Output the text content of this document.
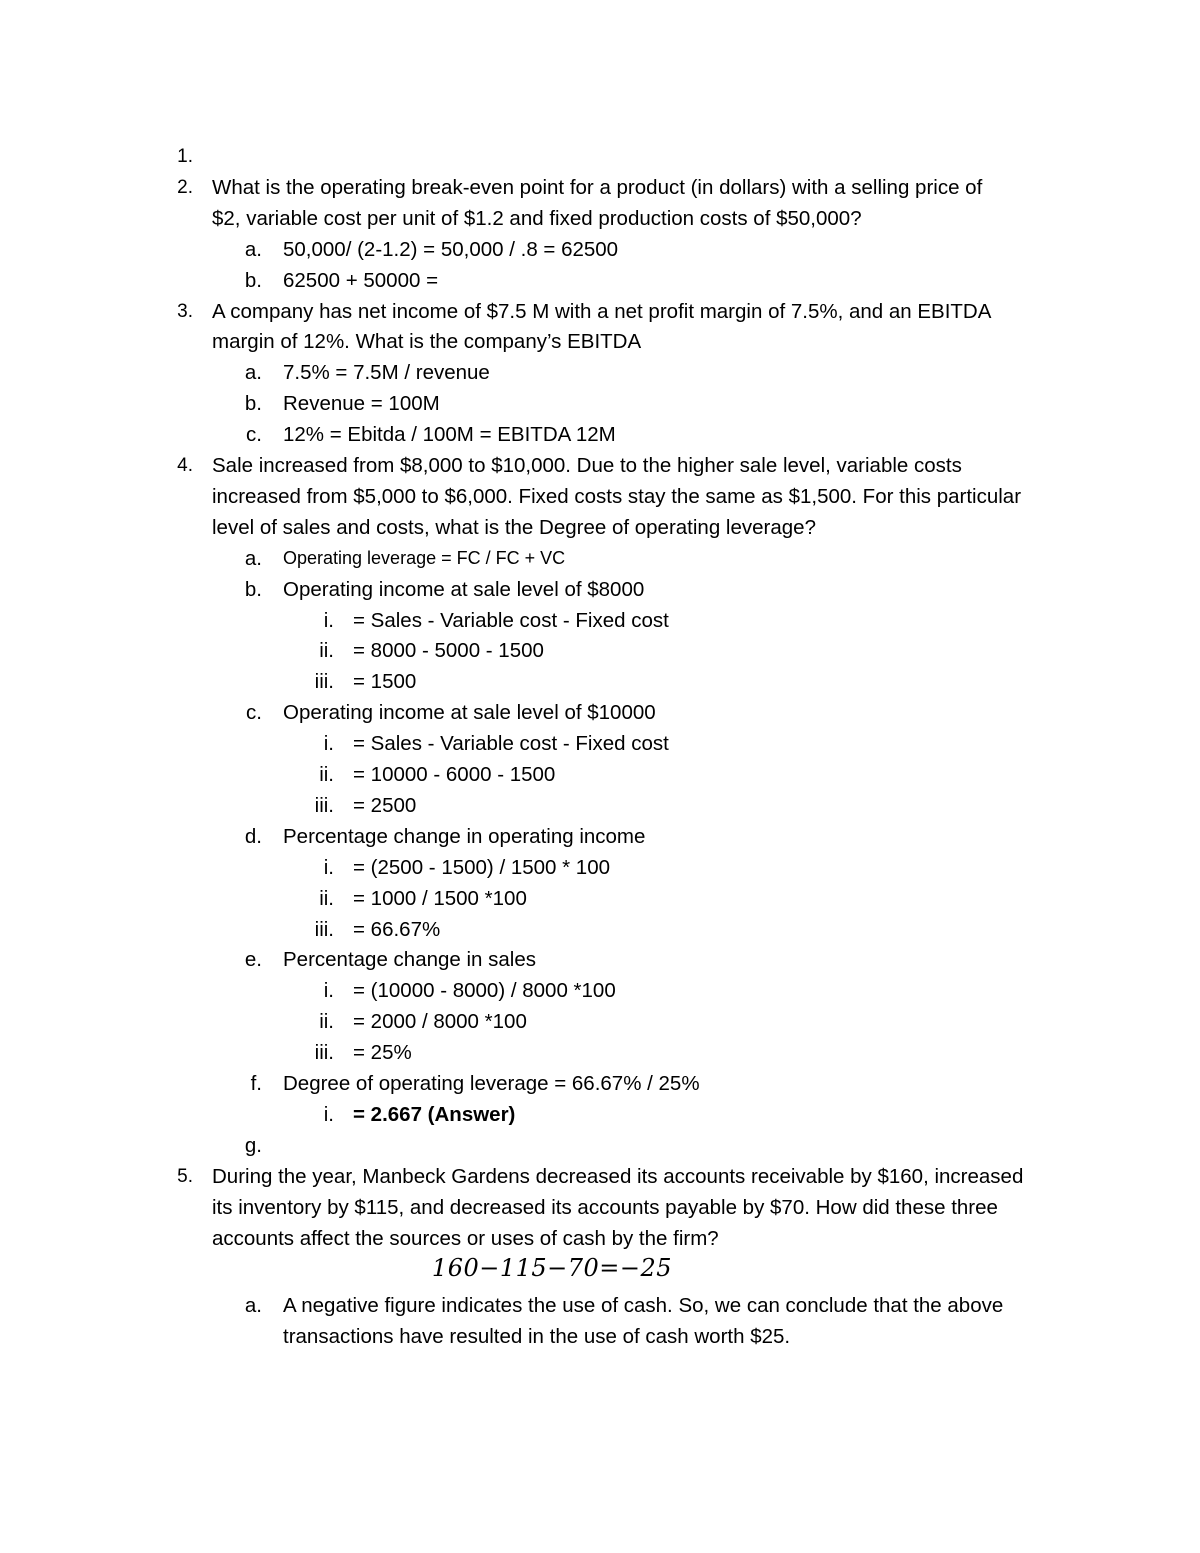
1.
2. What is the operating break-even point for a product (in dollars) with a selling price of
$2, variable cost per unit of $1.2 and fixed production costs of $50,000?
a. 50,000/ (2-1.2) = 50,000 / .8 = 62500
b. 62500 + 50000 =
3. A company has net income of $7.5 M with a net profit margin of 7.5%, and an EBITDA
margin of 12%. What is the company’s EBITDA
a. 7.5% = 7.5M / revenue
b. Revenue = 100M
c. 12% = Ebitda / 100M = EBITDA 12M
4. Sale increased from $8,000 to $10,000. Due to the higher sale level, variable costs
increased from $5,000 to $6,000. Fixed costs stay the same as $1,500. For this particular
level of sales and costs, what is the Degree of operating leverage?
a. Operating leverage = FC / FC + VC
b. Operating income at sale level of $8000
i. = Sales - Variable cost - Fixed cost
ii. = 8000 - 5000 - 1500
iii. = 1500
c. Operating income at sale level of $10000
i. = Sales - Variable cost - Fixed cost
ii. = 10000 - 6000 - 1500
iii. = 2500
d. Percentage change in operating income
i. = (2500 - 1500) / 1500 * 100
ii. = 1000 / 1500 *100
iii. = 66.67%
e. Percentage change in sales
i. = (10000 - 8000) / 8000 *100
ii. = 2000 / 8000 *100
iii. = 25%
f. Degree of operating leverage = 66.67% / 25%
i. = 2.667 (Answer)
g.
5. During the year, Manbeck Gardens decreased its accounts receivable by $160, increased
its inventory by $115, and decreased its accounts payable by $70. How did these three
accounts affect the sources or uses of cash by the firm?
160−115−70=−25
a. A negative figure indicates the use of cash. So, we can conclude that the above
transactions have resulted in the use of cash worth $25.
